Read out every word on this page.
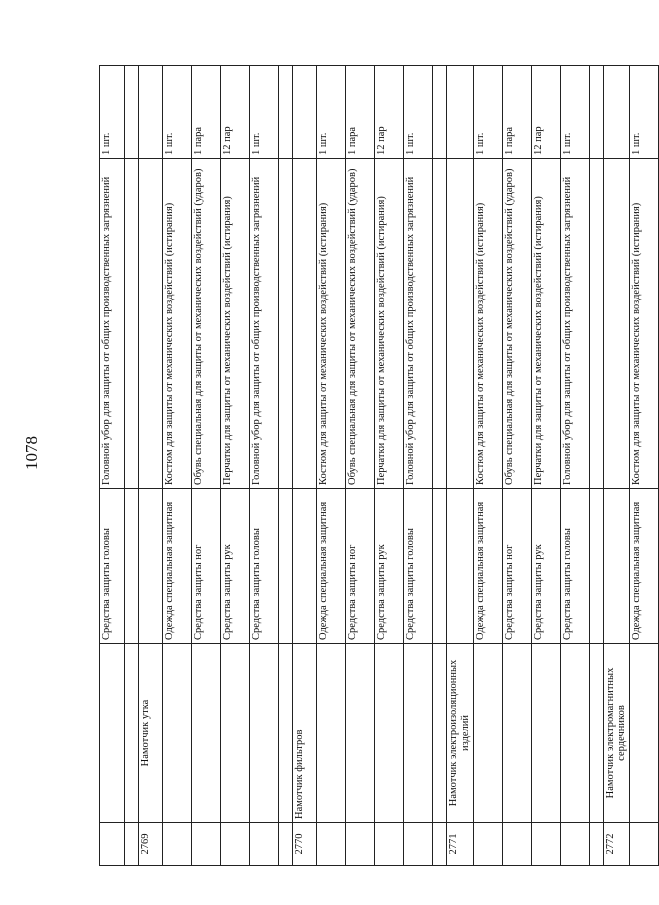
1078
		Средства защиты головы	Головной убор для защиты от общих производственных загрязнений	1 шт.

2769	Намотчик утка			
		Одежда специальная защитная	Костюм для защиты от механических воздействий (истирания)	1 шт.
		Средства защиты ног	Обувь специальная для защиты от механических воздействий (ударов)	1 пара
		Средства защиты рук	Перчатки для защиты от механических воздействий (истирания)	12 пар
		Средства защиты головы	Головной убор для защиты от общих производственных загрязнений	1 шт.

2770	Намотчик фильтров			
		Одежда специальная защитная	Костюм для защиты от механических воздействий (истирания)	1 шт.
		Средства защиты ног	Обувь специальная для защиты от механических воздействий (ударов)	1 пара
		Средства защиты рук	Перчатки для защиты от механических воздействий (истирания)	12 пар
		Средства защиты головы	Головной убор для защиты от общих производственных загрязнений	1 шт.

2771	Намотчик электроизоляционных изделий			
		Одежда специальная защитная	Костюм для защиты от механических воздействий (истирания)	1 шт.
		Средства защиты ног	Обувь специальная для защиты от механических воздействий (ударов)	1 пара
		Средства защиты рук	Перчатки для защиты от механических воздействий (истирания)	12 пар
		Средства защиты головы	Головной убор для защиты от общих производственных загрязнений	1 шт.

2772	Намотчик электромагнитных сердечников			
		Одежда специальная защитная	Костюм для защиты от механических воздействий (истирания)	1 шт.
